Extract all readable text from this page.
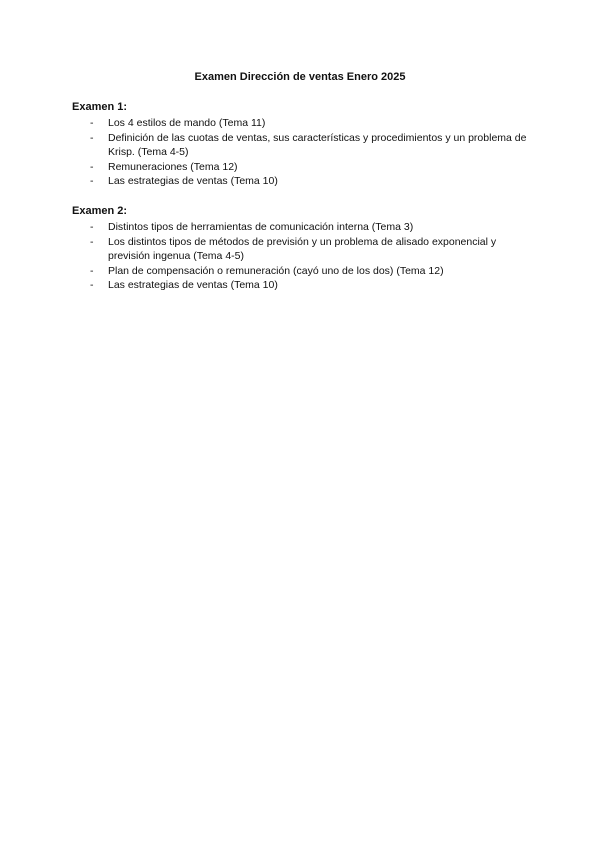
Examen Dirección de ventas Enero 2025

Examen 1:

- Los 4 estilos de mando (Tema 11)
- Definición de las cuotas de ventas, sus características y procedimientos y un problema de Krisp. (Tema 4-5)
- Remuneraciones (Tema 12)
- Las estrategias de ventas (Tema 10)

Examen 2:

- Distintos tipos de herramientas de comunicación interna (Tema 3)
- Los distintos tipos de métodos de previsión y un problema de alisado exponencial y previsión ingenua (Tema 4-5)
- Plan de compensación o remuneración (cayó uno de los dos) (Tema 12)
- Las estrategias de ventas (Tema 10)
